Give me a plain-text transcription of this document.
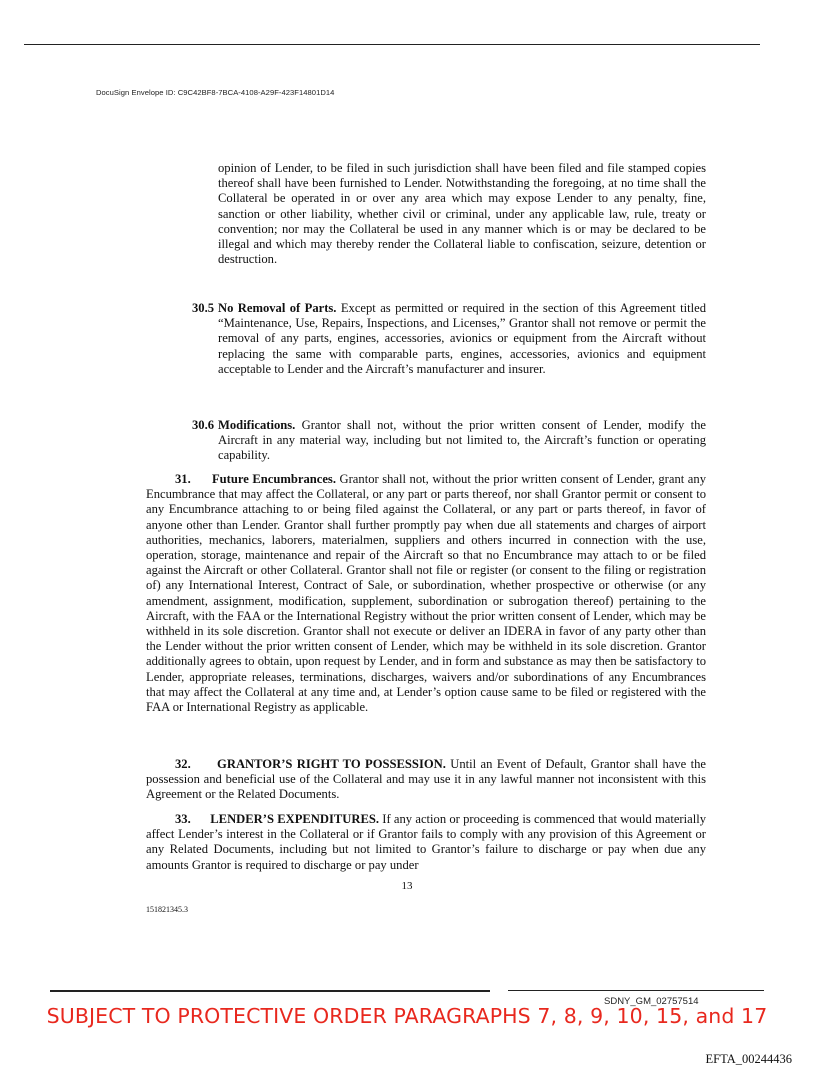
DocuSign Envelope ID: C9C42BF8-7BCA-4108-A29F-423F14801D14

opinion of Lender, to be filed in such jurisdiction shall have been filed and file stamped copies thereof shall have been furnished to Lender. Notwithstanding the foregoing, at no time shall the Collateral be operated in or over any area which may expose Lender to any penalty, fine, sanction or other liability, whether civil or criminal, under any applicable law, rule, treaty or convention; nor may the Collateral be used in any manner which is or may be declared to be illegal and which may thereby render the Collateral liable to confiscation, seizure, detention or destruction.

30.5 No Removal of Parts. Except as permitted or required in the section of this Agreement titled “Maintenance, Use, Repairs, Inspections, and Licenses,” Grantor shall not remove or permit the removal of any parts, engines, accessories, avionics or equipment from the Aircraft without replacing the same with comparable parts, engines, accessories, avionics and equipment acceptable to Lender and the Aircraft’s manufacturer and insurer.

30.6 Modifications. Grantor shall not, without the prior written consent of Lender, modify the Aircraft in any material way, including but not limited to, the Aircraft’s function or operating capability.

31. Future Encumbrances. Grantor shall not, without the prior written consent of Lender, grant any Encumbrance that may affect the Collateral, or any part or parts thereof, nor shall Grantor permit or consent to any Encumbrance attaching to or being filed against the Collateral, or any part or parts thereof, in favor of anyone other than Lender. Grantor shall further promptly pay when due all statements and charges of airport authorities, mechanics, laborers, materialmen, suppliers and others incurred in connection with the use, operation, storage, maintenance and repair of the Aircraft so that no Encumbrance may attach to or be filed against the Aircraft or other Collateral. Grantor shall not file or register (or consent to the filing or registration of) any International Interest, Contract of Sale, or subordination, whether prospective or otherwise (or any amendment, assignment, modification, supplement, subordination or subrogation thereof) pertaining to the Aircraft, with the FAA or the International Registry without the prior written consent of Lender, which may be withheld in its sole discretion. Grantor shall not execute or deliver an IDERA in favor of any party other than the Lender without the prior written consent of Lender, which may be withheld in its sole discretion. Grantor additionally agrees to obtain, upon request by Lender, and in form and substance as may then be satisfactory to Lender, appropriate releases, terminations, discharges, waivers and/or subordinations of any Encumbrances that may affect the Collateral at any time and, at Lender’s option cause same to be filed or registered with the FAA or International Registry as applicable.

32. GRANTOR’S RIGHT TO POSSESSION. Until an Event of Default, Grantor shall have the possession and beneficial use of the Collateral and may use it in any lawful manner not inconsistent with this Agreement or the Related Documents.

33. LENDER’S EXPENDITURES. If any action or proceeding is commenced that would materially affect Lender’s interest in the Collateral or if Grantor fails to comply with any provision of this Agreement or any Related Documents, including but not limited to Grantor’s failure to discharge or pay when due any amounts Grantor is required to discharge or pay under

13
151821345.3
SDNY_GM_02757514
SUBJECT TO PROTECTIVE ORDER PARAGRAPHS 7, 8, 9, 10, 15, and 17
EFTA_00244436
